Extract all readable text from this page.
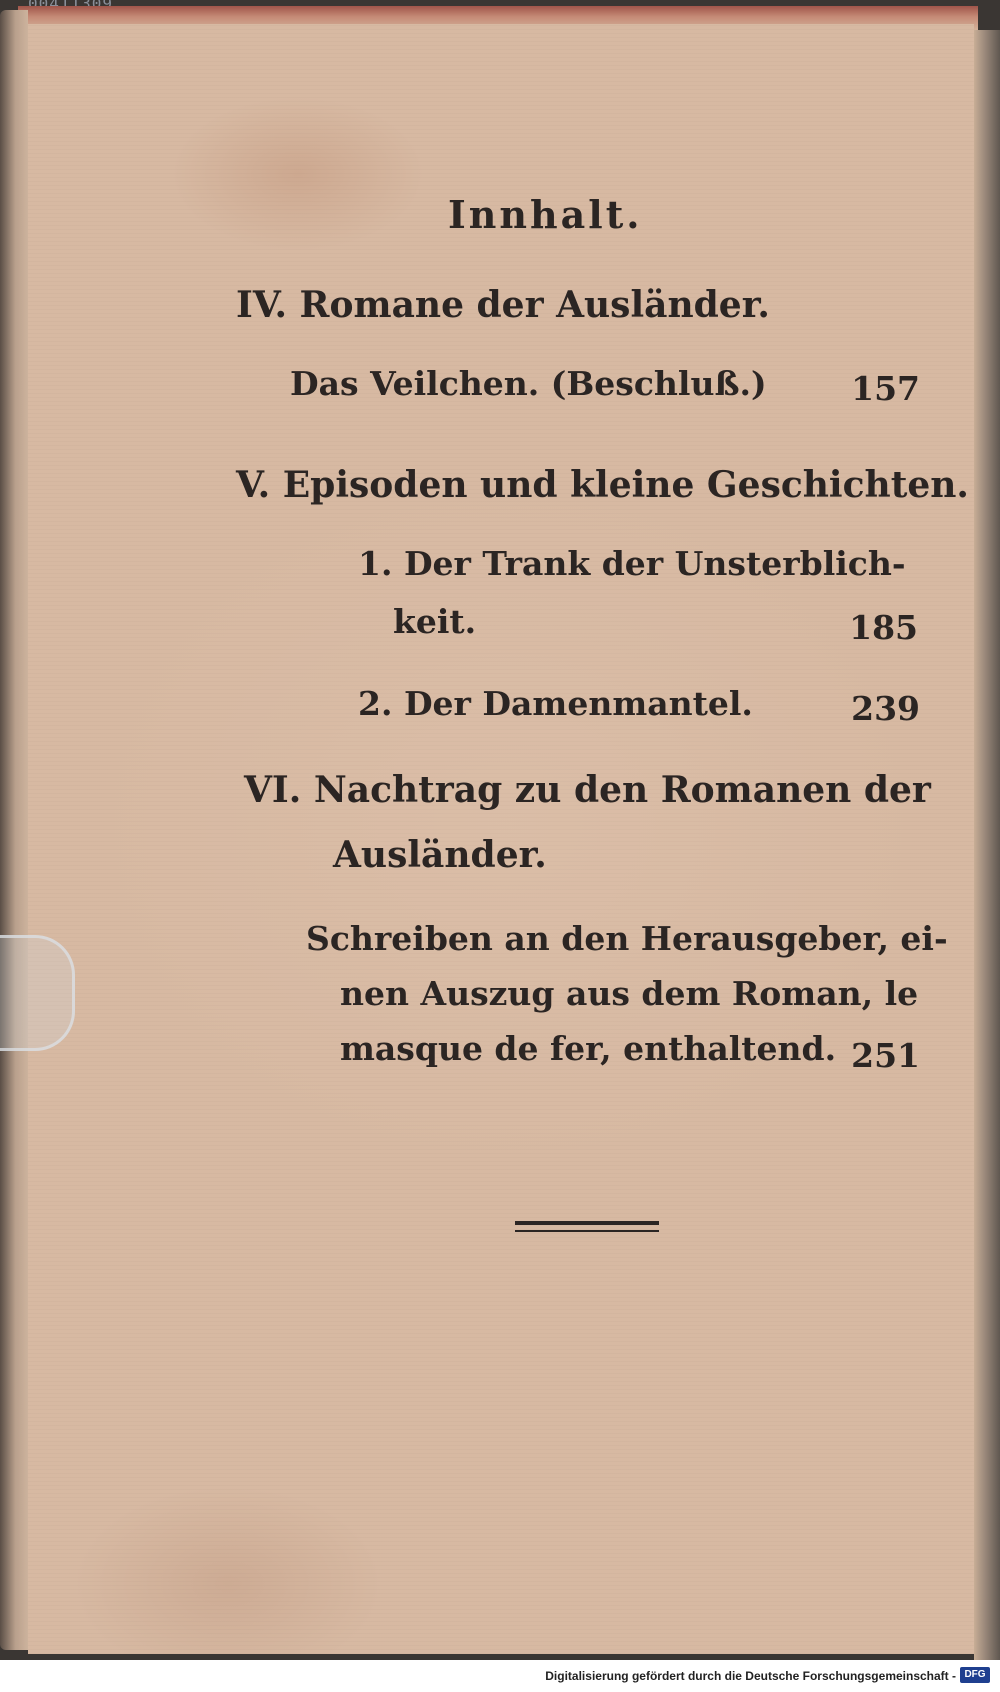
Innhalt.
IV. Romane der Ausländer.
Das Veilchen. (Beschluß.)	157
V. Episoden und kleine Geschichten.
1. Der Trank der Unsterblich-
keit.	185
2. Der Damenmantel.	239
VI. Nachtrag zu den Romanen der
Ausländer.
Schreiben an den Herausgeber, ei-
nen Auszug aus dem Roman, le
masque de fer, enthaltend. 251
Digitalisierung gefördert durch die Deutsche Forschungsgemeinschaft - DFG
